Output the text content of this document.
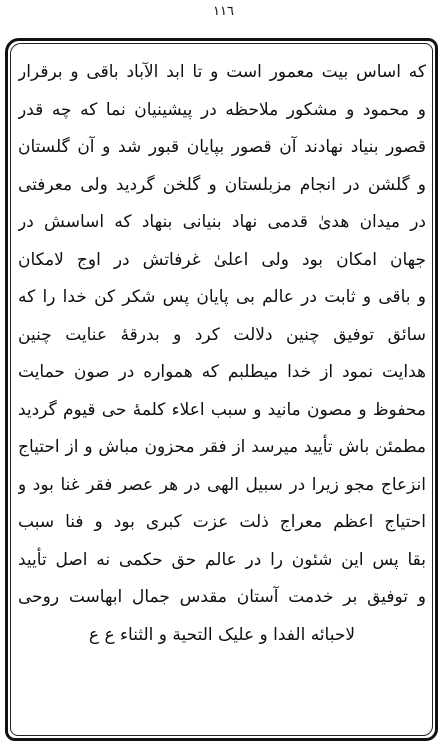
١١٦
که اساس بیت معمور است و تا ابد الآباد باقی و برقرار
و محمود و مشکور ملاحظه در پیشینیان نما که چه قدر
قصور بنیاد نهادند آن قصور بپایان قبور شد و آن گلستان
و گلشن در انجام مزبلستان و گلخن گردید ولی معرفتی
در میدان هدیٰ قدمی نهاد بنیانی بنهاد که اساسش در
جهان امکان بود ولی اعلیٰ غرفاتش در اوج لامکان
و باقی و ثابت در عالم بی پایان پس شکر کن خدا را که
سائق توفیق چنین دلالت کرد و بدرقهٔ عنایت چنین
هدایت نمود از خدا میطلبم که همواره در صون حمایت
محفوظ و مصون مانید و سبب اعلاء کلمهٔ حی قیوم گردید
مطمئن باش تأیید میرسد از فقر محزون مباش و از احتیاج
انزعاج مجو زیرا در سبیل الهی در هر عصر فقر غنا بود و
احتیاج اعظم معراج ذلت عزت کبری بود و فنا سبب
بقا پس این شئون را در عالم حق حکمی نه اصل تأیید
و توفیق بر خدمت آستان مقدس جمال ابهاست روحی
لاحبائه الفدا و علیک التحیة و الثناء ع ع
